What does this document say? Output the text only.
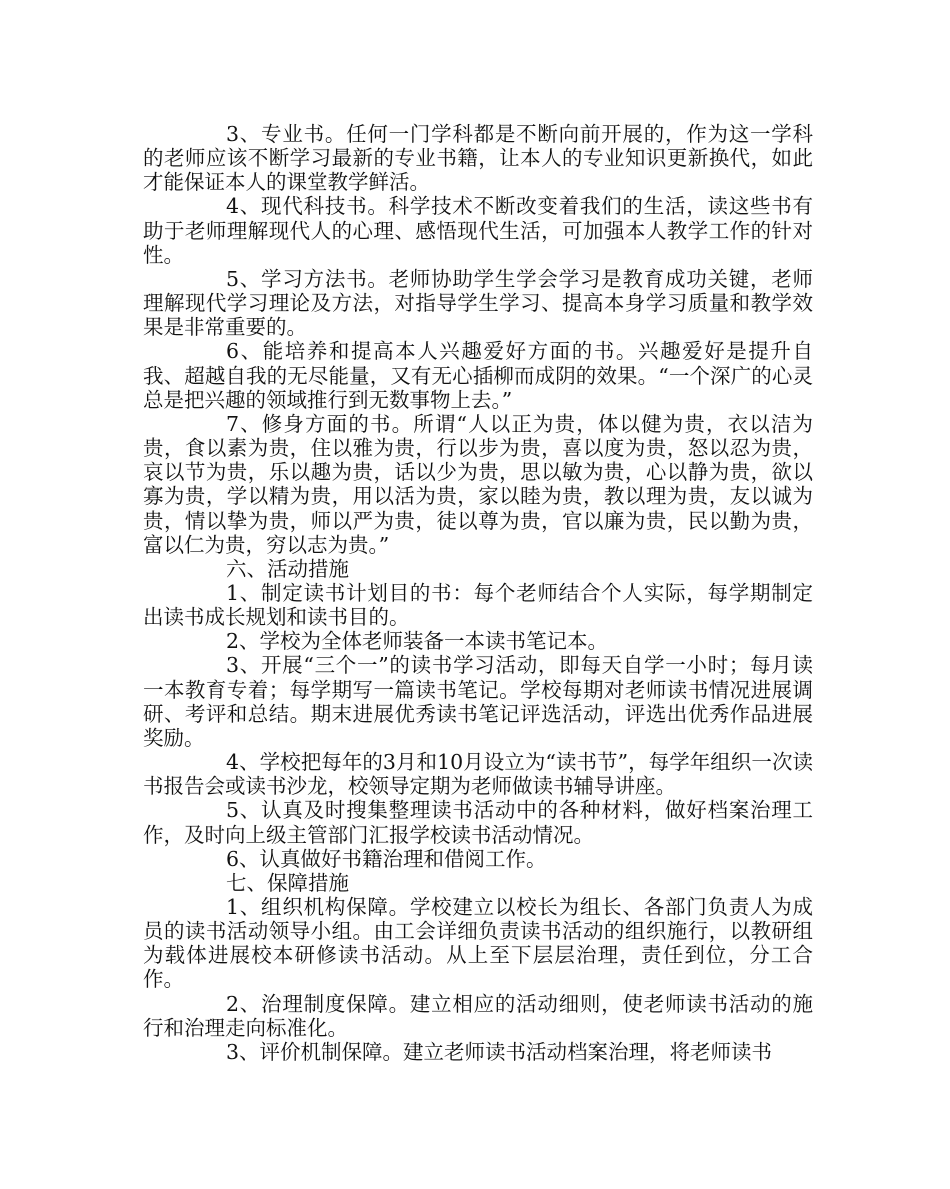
3、专业书。任何一门学科都是不断向前开展的，作为这一学科的老师应该不断学习最新的专业书籍，让本人的专业知识更新换代，如此才能保证本人的课堂教学鲜活。

4、现代科技书。科学技术不断改变着我们的生活，读这些书有助于老师理解现代人的心理、感悟现代生活，可加强本人教学工作的针对性。

5、学习方法书。老师协助学生学会学习是教育成功关键，老师理解现代学习理论及方法，对指导学生学习、提高本身学习质量和教学效果是非常重要的。

6、能培养和提高本人兴趣爱好方面的书。兴趣爱好是提升自我、超越自我的无尽能量，又有无心插柳而成阴的效果。“一个深广的心灵总是把兴趣的领域推行到无数事物上去。”

7、修身方面的书。所谓“人以正为贵，体以健为贵，衣以洁为贵，食以素为贵，住以雅为贵，行以步为贵，喜以度为贵，怒以忍为贵，哀以节为贵，乐以趣为贵，话以少为贵，思以敏为贵，心以静为贵，欲以寡为贵，学以精为贵，用以活为贵，家以睦为贵，教以理为贵，友以诚为贵，情以挚为贵，师以严为贵，徒以尊为贵，官以廉为贵，民以勤为贵，富以仁为贵，穷以志为贵。”

六、活动措施

1、制定读书计划目的书：每个老师结合个人实际，每学期制定出读书成长规划和读书目的。

2、学校为全体老师装备一本读书笔记本。

3、开展“三个一”的读书学习活动，即每天自学一小时；每月读一本教育专着；每学期写一篇读书笔记。学校每期对老师读书情况进展调研、考评和总结。期末进展优秀读书笔记评选活动，评选出优秀作品进展奖励。

4、学校把每年的3月和10月设立为“读书节”，每学年组织一次读书报告会或读书沙龙，校领导定期为老师做读书辅导讲座。

5、认真及时搜集整理读书活动中的各种材料，做好档案治理工作，及时向上级主管部门汇报学校读书活动情况。

6、认真做好书籍治理和借阅工作。

七、保障措施

1、组织机构保障。学校建立以校长为组长、各部门负责人为成员的读书活动领导小组。由工会详细负责读书活动的组织施行，以教研组为载体进展校本研修读书活动。从上至下层层治理，责任到位，分工合作。

2、治理制度保障。建立相应的活动细则，使老师读书活动的施行和治理走向标准化。

3、评价机制保障。建立老师读书活动档案治理，将老师读书
